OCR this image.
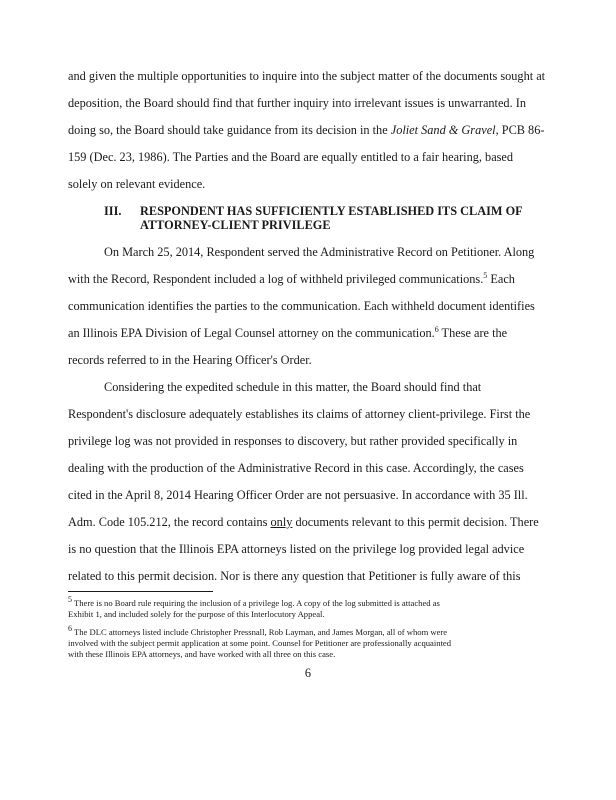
and given the multiple opportunities to inquire into the subject matter of the documents sought at
deposition, the Board should find that further inquiry into irrelevant issues is unwarranted. In
doing so, the Board should take guidance from its decision in the Joliet Sand & Gravel, PCB 86-
159 (Dec. 23, 1986). The Parties and the Board are equally entitled to a fair hearing, based
solely on relevant evidence.
III. RESPONDENT HAS SUFFICIENTLY ESTABLISHED ITS CLAIM OF
ATTORNEY-CLIENT PRIVILEGE
On March 25, 2014, Respondent served the Administrative Record on Petitioner. Along
with the Record, Respondent included a log of withheld privileged communications.$^5$ Each
communication identifies the parties to the communication. Each withheld document identifies
an Illinois EPA Division of Legal Counsel attorney on the communication.$^6$ These are the
records referred to in the Hearing Officer's Order.
Considering the expedited schedule in this matter, the Board should find that
Respondent's disclosure adequately establishes its claims of attorney client-privilege. First the
privilege log was not provided in responses to discovery, but rather provided specifically in
dealing with the production of the Administrative Record in this case. Accordingly, the cases
cited in the April 8, 2014 Hearing Officer Order are not persuasive. In accordance with 35 Ill.
Adm. Code 105.212, the record contains only documents relevant to this permit decision. There
is no question that the Illinois EPA attorneys listed on the privilege log provided legal advice
related to this permit decision. Nor is there any question that Petitioner is fully aware of this
$^5$ There is no Board rule requiring the inclusion of a privilege log. A copy of the log submitted is attached as
Exhibit 1, and included solely for the purpose of this Interlocutory Appeal.
$^6$ The DLC attorneys listed include Christopher Pressnall, Rob Layman, and James Morgan, all of whom were
involved with the subject permit application at some point. Counsel for Petitioner are professionally acquainted
with these Illinois EPA attorneys, and have worked with all three on this case.
6
